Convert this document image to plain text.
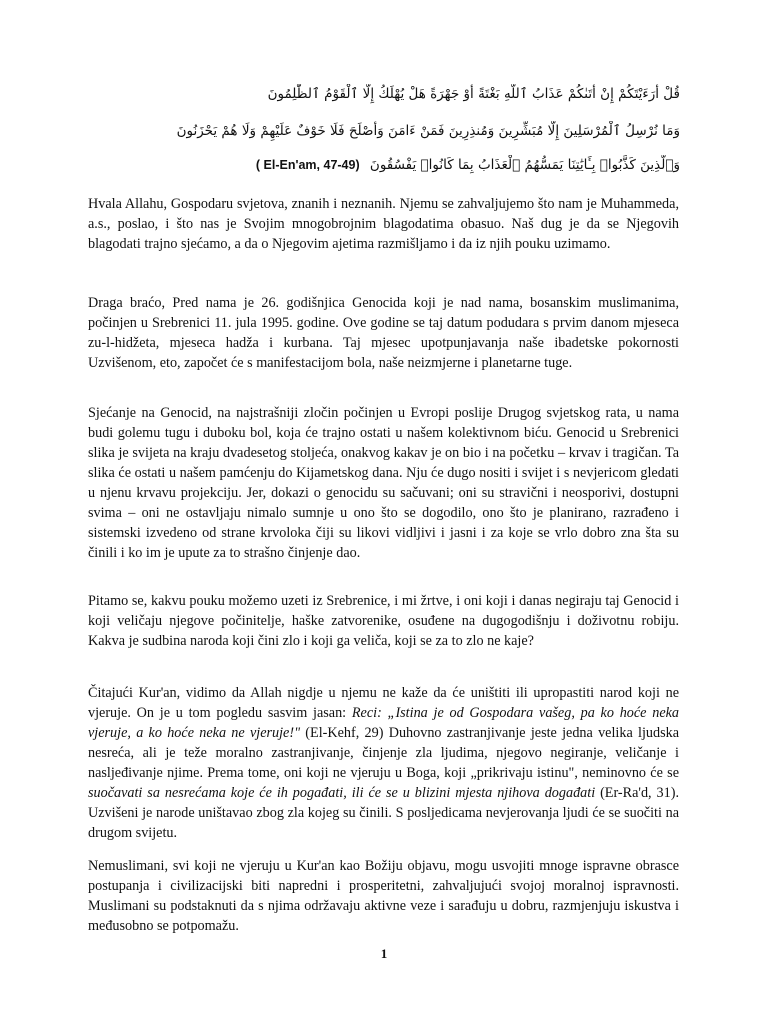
قُلْ أَرَءَيْتَكُمْ إِنْ أَتَىٰكُمْ عَذَابُ ٱللَّهِ بَغْتَةً أَوْ جَهْرَةً هَلْ يُهْلَكُ إِلَّا ٱلْقَوْمُ ٱلظَّٰلِمُونَ
وَمَا نُرْسِلُ ٱلْمُرْسَلِينَ إِلَّا مُبَشِّرِينَ وَمُنذِرِينَ فَمَنْ ءَامَنَ وَأَصْلَحَ فَلَا خَوْفٌ عَلَيْهِمْ وَلَا هُمْ يَحْزَنُونَ
وَٱلَّذِينَ كَذَّبُوا۟ بِـَٔايَٰتِنَا يَمَسُّهُمُ ٱلْعَذَابُ بِمَا كَانُوا۟ يَفْسُقُونَ ( El-En'am, 47-49)

Hvala Allahu, Gospodaru svjetova, znanih i neznanih. Njemu se zahvaljujemo što nam je Muhammeda, a.s., poslao, i što nas je Svojim mnogobrojnim blagodatima obasuo. Naš dug je da se Njegovih blagodati trajno sjećamo, a da o Njegovim ajetima razmišljamo i da iz njih pouku uzimamo.

Draga braćo, Pred nama je 26. godišnjica Genocida koji je nad nama, bosanskim muslimanima, počinjen u Srebrenici 11. jula 1995. godine. Ove godine se taj datum podudara s prvim danom mjeseca zu-l-hidžeta, mjeseca hadža i kurbana. Taj mjesec upotpunjavanja naše ibadetske pokornosti Uzvišenom, eto, započet će s manifestacijom bola, naše neizmjerne i planetarne tuge.

Sjećanje na Genocid, na najstrašniji zločin počinjen u Evropi poslije Drugog svjetskog rata, u nama budi golemu tugu i duboku bol, koja će trajno ostati u našem kolektivnom biću. Genocid u Srebrenici slika je svijeta na kraju dvadesetog stoljeća, onakvog kakav je on bio i na početku – krvav i tragičan. Ta slika će ostati u našem pamćenju do Kijametskog dana. Nju će dugo nositi i svijet i s nevjericom gledati u njenu krvavu projekciju. Jer, dokazi o genocidu su sačuvani; oni su stravični i neosporivi, dostupni svima – oni ne ostavljaju nimalo sumnje u ono što se dogodilo, ono što je planirano, razrađeno i sistemski izvedeno od strane krvoloka čiji su likovi vidljivi i jasni i za koje se vrlo dobro zna šta su činili i ko im je upute za to strašno činjenje dao.

Pitamo se, kakvu pouku možemo uzeti iz Srebrenice, i mi žrtve, i oni koji i danas negiraju taj Genocid i koji veličaju njegove počinitelje, haške zatvorenike, osuđene na dugogodišnju i doživotnu robiju. Kakva je sudbina naroda koji čini zlo i koji ga veliča, koji se za to zlo ne kaje?

Čitajući Kur'an, vidimo da Allah nigdje u njemu ne kaže da će uništiti ili upropastiti narod koji ne vjeruje. On je u tom pogledu sasvim jasan: Reci: „Istina je od Gospodara vašeg, pa ko hoće neka vjeruje, a ko hoće neka ne vjeruje!" (El-Kehf, 29) Duhovno zastranjivanje jeste jedna velika ljudska nesreća, ali je teže moralno zastranjivanje, činjenje zla ljudima, njegovo negiranje, veličanje i nasljeđivanje njime. Prema tome, oni koji ne vjeruju u Boga, koji „prikrivaju istinu", neminovno će se suočavati sa nesrećama koje će ih pogađati, ili će se u blizini mjesta njihova događati (Er-Ra'd, 31). Uzvišeni je narode uništavao zbog zla kojeg su činili. S posljedicama nevjerovanja ljudi će se suočiti na drugom svijetu.

Nemuslimani, svi koji ne vjeruju u Kur'an kao Božiju objavu, mogu usvojiti mnoge ispravne obrasce postupanja i civilizacijski biti napredni i prosperitetni, zahvaljujući svojoj moralnoj ispravnosti. Muslimani su podstaknuti da s njima održavaju aktivne veze i sarađuju u dobru, razmjenjuju iskustva i međusobno se potpomažu.

1
